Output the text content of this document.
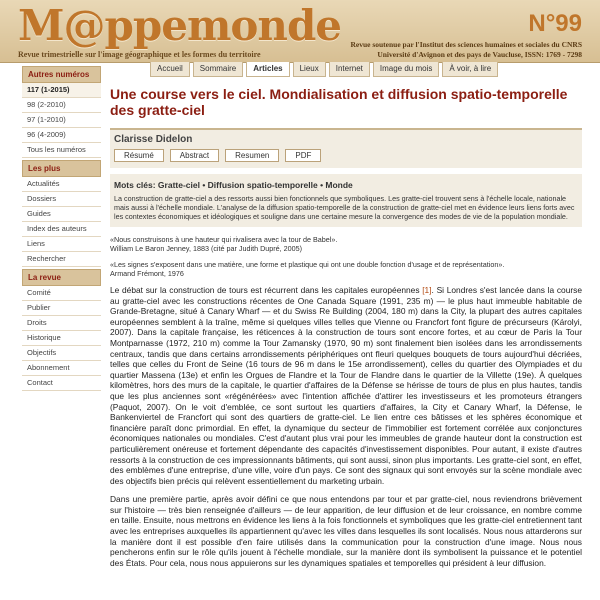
M@ppemonde
Revue trimestrielle sur l'image géographique et les formes du territoire
N°99
Revue soutenue par l'Institut des sciences humaines et sociales du CNRS
Université d'Avignon et des pays de Vaucluse, ISSN: 1769 - 7298
Accueil	Sommaire	Articles	Lieux	Internet	Image du mois	À voir, à lire
Autres numéros
117 (1-2015)
98 (2-2010)
97 (1-2010)
96 (4-2009)
Tous les numéros
Les plus
Actualités
Dossiers
Guides
Index des auteurs
Liens
Rechercher
La revue
Comité
Publier
Droits
Historique
Objectifs
Abonnement
Contact
Une course vers le ciel. Mondialisation et diffusion spatio-temporelle des gratte-ciel
Clarisse Didelon
Résumé	Abstract	Resumen	PDF
Mots clés: Gratte-ciel • Diffusion spatio-temporelle • Monde

La construction de gratte-ciel a des ressorts aussi bien fonctionnels que symboliques. Les gratte-ciel trouvent sens à l'échelle locale, nationale mais aussi à l'échelle mondiale. L'analyse de la diffusion spatio-temporelle de la construction de gratte-ciel met en évidence leurs liens forts avec les contextes économiques et idéologiques et souligne dans une certaine mesure la convergence des modes de vie de la population mondiale.

«Nous construisons à une hauteur qui rivalisera avec la tour de Babel».
William Le Baron Jenney, 1883 (cité par Judith Dupré, 2005)

«Les signes s'exposent dans une matière, une forme et plastique qui ont une double fonction d'usage et de représentation».
Armand Frémont, 1976

Le débat sur la construction de tours est récurrent dans les capitales européennes [1]. Si Londres s'est lancée dans la course au gratte-ciel avec les constructions récentes de One Canada Square (1991, 235 m) — le plus haut immeuble habitable de Grande-Bretagne, situé à Canary Wharf — et du Swiss Re Building (2004, 180 m) dans la City, la plupart des autres capitales européennes semblent à la traîne, même si quelques villes telles que Vienne ou Francfort font figure de précurseurs (Károlyi, 2007). Dans la capitale française, les réticences à la construction de tours sont encore fortes, et au cœur de Paris la Tour Montparnasse (1972, 210 m) comme la Tour Zamansky (1970, 90 m) sont finalement bien isolées dans les arrondissements centraux, tandis que dans certains arrondissements périphériques ont fleuri quelques bouquets de tours aujourd'hui décriées, telles que celles du Front de Seine (16 tours de 96 m dans le 15e arrondissement), celles du quartier des Olympiades et du quartier Massena (13e) et enfin les Orgues de Flandre et la Tour de Flandre dans le quartier de la Villette (19e). À quelques kilomètres, hors des murs de la capitale, le quartier d'affaires de la Défense se hérisse de tours de plus en plus hautes, tandis que les plus anciennes sont «régénérées» avec l'intention affichée d'attirer les investisseurs et les promoteurs étrangers (Paquot, 2007). On le voit d'emblée, ce sont surtout les quartiers d'affaires, la City et Canary Wharf, la Défense, le Bankenviertel de Francfort qui sont des quartiers de gratte-ciel. Le lien entre ces bâtisses et les sphères économique et financière paraît donc primordial. En effet, la dynamique du secteur de l'immobilier est fortement corrélée aux conjonctures économiques nationales ou mondiales. C'est d'autant plus vrai pour les immeubles de grande hauteur dont la construction est particulièrement onéreuse et fortement dépendante des capacités d'investissement disponibles. Pour autant, il existe d'autres ressorts à la construction de ces impressionnants bâtiments, qui sont aussi, sinon plus importants. Les gratte-ciel sont, en effet, des emblèmes d'une entreprise, d'une ville, voire d'un pays. Ce sont des signaux qui sont envoyés sur la scène mondiale avec des objectifs bien précis qui relèvent essentiellement du marketing urbain.

Dans une première partie, après avoir défini ce que nous entendons par tour et par gratte-ciel, nous reviendrons brièvement sur l'histoire — très bien renseignée d'ailleurs — de leur apparition, de leur diffusion et de leur croissance, en nombre comme en taille. Ensuite, nous mettrons en évidence les liens à la fois fonctionnels et symboliques que les gratte-ciel entretiennent tant avec les entreprises auxquelles ils appartiennent qu'avec les villes dans lesquelles ils sont localisés. Nous nous attarderons sur la manière dont il est possible d'en faire utilisés dans la communication pour la construction d'une image. Nous nous pencherons enfin sur le rôle qu'ils jouent à l'échelle mondiale, sur la manière dont ils symbolisent la puissance et le potentiel des États. Pour cela, nous nous appuierons sur les dynamiques spatiales et temporelles qui président à leur diffusion.
